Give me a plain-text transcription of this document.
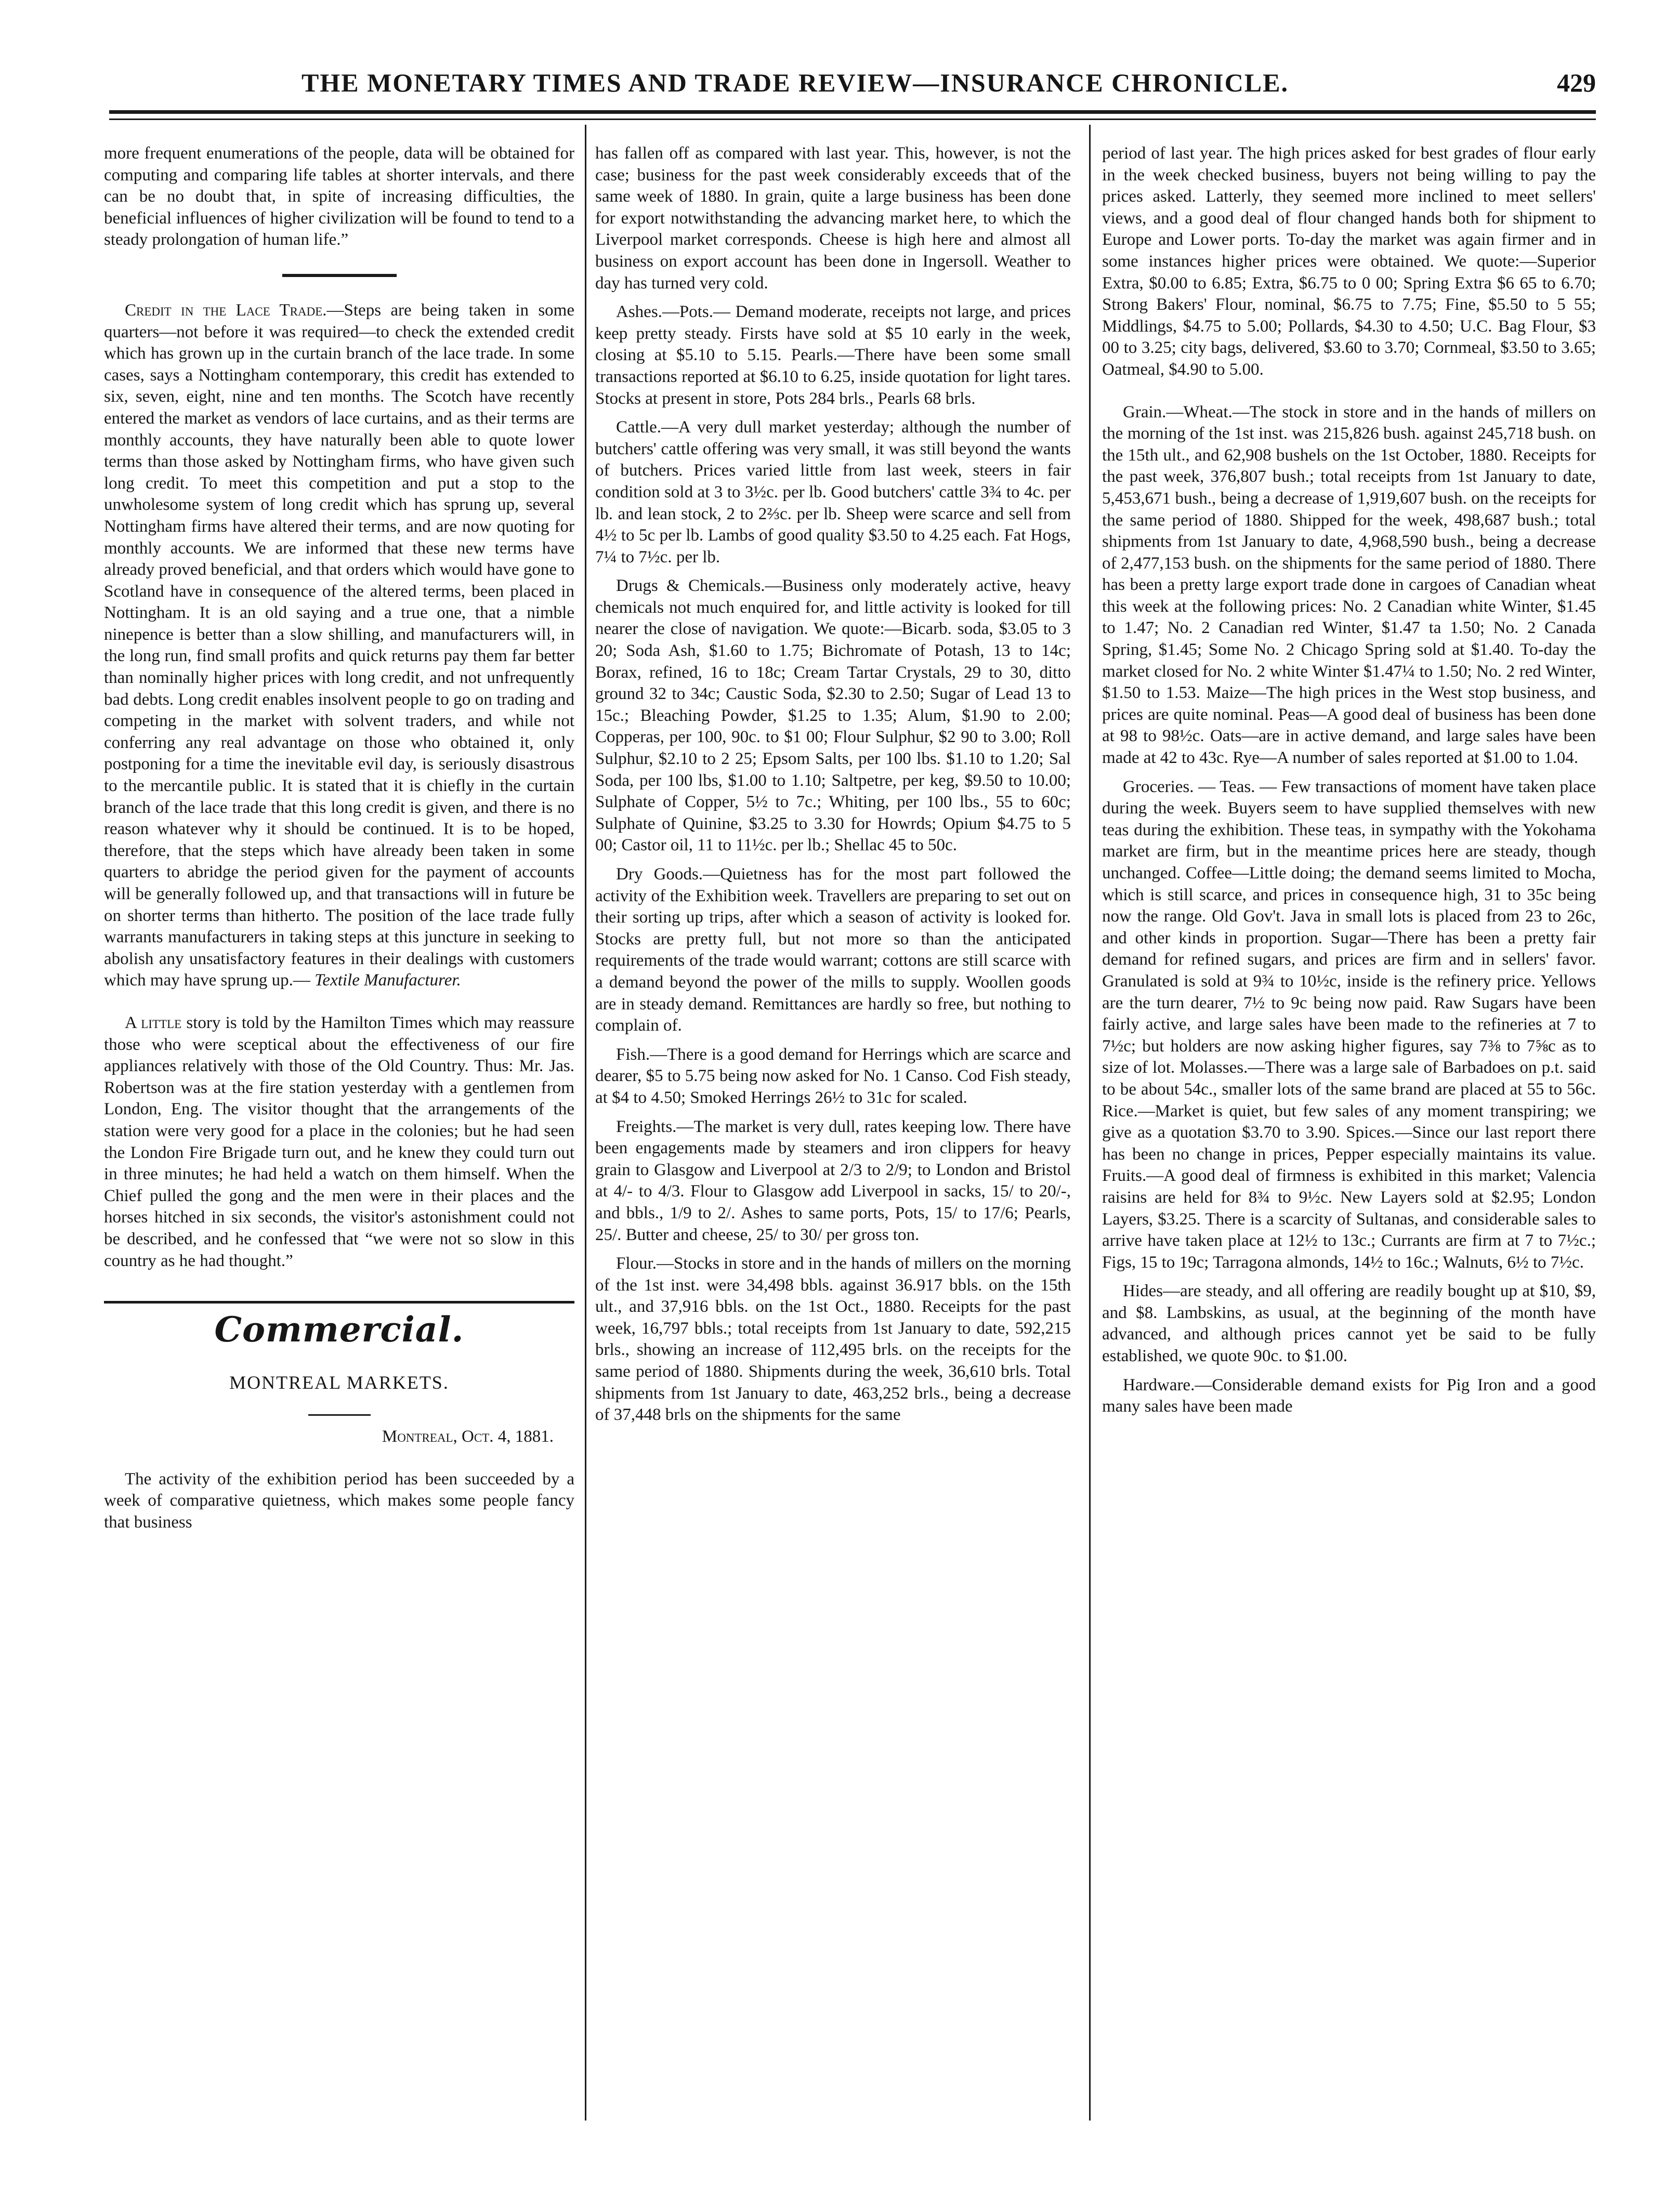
THE MONETARY TIMES AND TRADE REVIEW—INSURANCE CHRONICLE.	429

more frequent enumerations of the people, data will be obtained for computing and comparing life tables at shorter intervals, and there can be no doubt that, in spite of increasing difficulties, the beneficial influences of higher civilization will be found to tend to a steady prolongation of human life.”

Credit in the Lace Trade.—Steps are being taken in some quarters—not before it was required—to check the extended credit which has grown up in the curtain branch of the lace trade. In some cases, says a Nottingham contemporary, this credit has extended to six, seven, eight, nine and ten months. The Scotch have recently entered the market as vendors of lace curtains, and as their terms are monthly accounts, they have naturally been able to quote lower terms than those asked by Nottingham firms, who have given such long credit. To meet this competition and put a stop to the unwholesome system of long credit which has sprung up, several Nottingham firms have altered their terms, and are now quoting for monthly accounts. We are informed that these new terms have already proved beneficial, and that orders which would have gone to Scotland have in consequence of the altered terms, been placed in Nottingham. It is an old saying and a true one, that a nimble ninepence is better than a slow shilling, and manufacturers will, in the long run, find small profits and quick returns pay them far better than nominally higher prices with long credit, and not unfrequently bad debts. Long credit enables insolvent people to go on trading and competing in the market with solvent traders, and while not conferring any real advantage on those who obtained it, only postponing for a time the inevitable evil day, is seriously disastrous to the mercantile public. It is stated that it is chiefly in the curtain branch of the lace trade that this long credit is given, and there is no reason whatever why it should be continued. It is to be hoped, therefore, that the steps which have already been taken in some quarters to abridge the period given for the payment of accounts will be generally followed up, and that transactions will in future be on shorter terms than hitherto. The position of the lace trade fully warrants manufacturers in taking steps at this juncture in seeking to abolish any unsatisfactory features in their dealings with customers which may have sprung up.— Textile Manufacturer.

A little story is told by the Hamilton Times which may reassure those who were sceptical about the effectiveness of our fire appliances relatively with those of the Old Country. Thus: Mr. Jas. Robertson was at the fire station yesterday with a gentlemen from London, Eng. The visitor thought that the arrangements of the station were very good for a place in the colonies; but he had seen the London Fire Brigade turn out, and he knew they could turn out in three minutes; he had held a watch on them himself. When the Chief pulled the gong and the men were in their places and the horses hitched in six seconds, the visitor's astonishment could not be described, and he confessed that “we were not so slow in this country as he had thought.”

Commercial.
MONTREAL MARKETS.
Montreal, Oct. 4, 1881.

The activity of the exhibition period has been succeeded by a week of comparative quietness, which makes some people fancy that business

has fallen off as compared with last year. This, however, is not the case; business for the past week considerably exceeds that of the same week of 1880. In grain, quite a large business has been done for export notwithstanding the advancing market here, to which the Liverpool market corresponds. Cheese is high here and almost all business on export account has been done in Ingersoll. Weather to day has turned very cold.

Ashes.—Pots.— Demand moderate, receipts not large, and prices keep pretty steady. Firsts have sold at $5 10 early in the week, closing at $5.10 to 5.15. Pearls.—There have been some small transactions reported at $6.10 to 6.25, inside quotation for light tares. Stocks at present in store, Pots 284 brls., Pearls 68 brls.

Cattle.—A very dull market yesterday; although the number of butchers' cattle offering was very small, it was still beyond the wants of butchers. Prices varied little from last week, steers in fair condition sold at 3 to 3½c. per lb. Good butchers' cattle 3¾ to 4c. per lb. and lean stock, 2 to 2⅔c. per lb. Sheep were scarce and sell from 4½ to 5c per lb. Lambs of good quality $3.50 to 4.25 each. Fat Hogs, 7¼ to 7½c. per lb.

Drugs & Chemicals.—Business only moderately active, heavy chemicals not much enquired for, and little activity is looked for till nearer the close of navigation. We quote:—Bicarb. soda, $3.05 to 3 20; Soda Ash, $1.60 to 1.75; Bichromate of Potash, 13 to 14c; Borax, refined, 16 to 18c; Cream Tartar Crystals, 29 to 30, ditto ground 32 to 34c; Caustic Soda, $2.30 to 2.50; Sugar of Lead 13 to 15c.; Bleaching Powder, $1.25 to 1.35; Alum, $1.90 to 2.00; Copperas, per 100, 90c. to $1 00; Flour Sulphur, $2 90 to 3.00; Roll Sulphur, $2.10 to 2 25; Epsom Salts, per 100 lbs. $1.10 to 1.20; Sal Soda, per 100 lbs, $1.00 to 1.10; Saltpetre, per keg, $9.50 to 10.00; Sulphate of Copper, 5½ to 7c.; Whiting, per 100 lbs., 55 to 60c; Sulphate of Quinine, $3.25 to 3.30 for Howrds; Opium $4.75 to 5 00; Castor oil, 11 to 11½c. per lb.; Shellac 45 to 50c.

Dry Goods.—Quietness has for the most part followed the activity of the Exhibition week. Travellers are preparing to set out on their sorting up trips, after which a season of activity is looked for. Stocks are pretty full, but not more so than the anticipated requirements of the trade would warrant; cottons are still scarce with a demand beyond the power of the mills to supply. Woollen goods are in steady demand. Remittances are hardly so free, but nothing to complain of.

Fish.—There is a good demand for Herrings which are scarce and dearer, $5 to 5.75 being now asked for No. 1 Canso. Cod Fish steady, at $4 to 4.50; Smoked Herrings 26½ to 31c for scaled.

Freights.—The market is very dull, rates keeping low. There have been engagements made by steamers and iron clippers for heavy grain to Glasgow and Liverpool at 2/3 to 2/9; to London and Bristol at 4/- to 4/3. Flour to Glasgow add Liverpool in sacks, 15/ to 20/-, and bbls., 1/9 to 2/. Ashes to same ports, Pots, 15/ to 17/6; Pearls, 25/. Butter and cheese, 25/ to 30/ per gross ton.

Flour.—Stocks in store and in the hands of millers on the morning of the 1st inst. were 34,498 bbls. against 36.917 bbls. on the 15th ult., and 37,916 bbls. on the 1st Oct., 1880. Receipts for the past week, 16,797 bbls.; total receipts from 1st January to date, 592,215 brls., showing an increase of 112,495 brls. on the receipts for the same period of 1880. Shipments during the week, 36,610 brls. Total shipments from 1st January to date, 463,252 brls., being a decrease of 37,448 brls on the shipments for the same

period of last year. The high prices asked for best grades of flour early in the week checked business, buyers not being willing to pay the prices asked. Latterly, they seemed more inclined to meet sellers' views, and a good deal of flour changed hands both for shipment to Europe and Lower ports. To-day the market was again firmer and in some instances higher prices were obtained. We quote:—Superior Extra, $0.00 to 6.85; Extra, $6.75 to 0 00; Spring Extra $6 65 to 6.70; Strong Bakers' Flour, nominal, $6.75 to 7.75; Fine, $5.50 to 5 55; Middlings, $4.75 to 5.00; Pollards, $4.30 to 4.50; U.C. Bag Flour, $3 00 to 3.25; city bags, delivered, $3.60 to 3.70; Cornmeal, $3.50 to 3.65; Oatmeal, $4.90 to 5.00.

Grain.—Wheat.—The stock in store and in the hands of millers on the morning of the 1st inst. was 215,826 bush. against 245,718 bush. on the 15th ult., and 62,908 bushels on the 1st October, 1880. Receipts for the past week, 376,807 bush.; total receipts from 1st January to date, 5,453,671 bush., being a decrease of 1,919,607 bush. on the receipts for the same period of 1880. Shipped for the week, 498,687 bush.; total shipments from 1st January to date, 4,968,590 bush., being a decrease of 2,477,153 bush. on the shipments for the same period of 1880. There has been a pretty large export trade done in cargoes of Canadian wheat this week at the following prices: No. 2 Canadian white Winter, $1.45 to 1.47; No. 2 Canadian red Winter, $1.47 ta 1.50; No. 2 Canada Spring, $1.45; Some No. 2 Chicago Spring sold at $1.40. To-day the market closed for No. 2 white Winter $1.47¼ to 1.50; No. 2 red Winter, $1.50 to 1.53. Maize—The high prices in the West stop business, and prices are quite nominal. Peas—A good deal of business has been done at 98 to 98½c. Oats—are in active demand, and large sales have been made at 42 to 43c. Rye—A number of sales reported at $1.00 to 1.04.

Groceries. — Teas. — Few transactions of moment have taken place during the week. Buyers seem to have supplied themselves with new teas during the exhibition. These teas, in sympathy with the Yokohama market are firm, but in the meantime prices here are steady, though unchanged. Coffee—Little doing; the demand seems limited to Mocha, which is still scarce, and prices in consequence high, 31 to 35c being now the range. Old Gov't. Java in small lots is placed from 23 to 26c, and other kinds in proportion. Sugar—There has been a pretty fair demand for refined sugars, and prices are firm and in sellers' favor. Granulated is sold at 9¾ to 10½c, inside is the refinery price. Yellows are the turn dearer, 7½ to 9c being now paid. Raw Sugars have been fairly active, and large sales have been made to the refineries at 7 to 7½c; but holders are now asking higher figures, say 7⅜ to 7⅝c as to size of lot. Molasses.—There was a large sale of Barbadoes on p.t. said to be about 54c., smaller lots of the same brand are placed at 55 to 56c. Rice.—Market is quiet, but few sales of any moment transpiring; we give as a quotation $3.70 to 3.90. Spices.—Since our last report there has been no change in prices, Pepper especially maintains its value. Fruits.—A good deal of firmness is exhibited in this market; Valencia raisins are held for 8¾ to 9½c. New Layers sold at $2.95; London Layers, $3.25. There is a scarcity of Sultanas, and considerable sales to arrive have taken place at 12½ to 13c.; Currants are firm at 7 to 7½c.; Figs, 15 to 19c; Tarragona almonds, 14½ to 16c.; Walnuts, 6½ to 7½c.

Hides—are steady, and all offering are readily bought up at $10, $9, and $8. Lambskins, as usual, at the beginning of the month have advanced, and although prices cannot yet be said to be fully established, we quote 90c. to $1.00.

Hardware.—Considerable demand exists for Pig Iron and a good many sales have been made
